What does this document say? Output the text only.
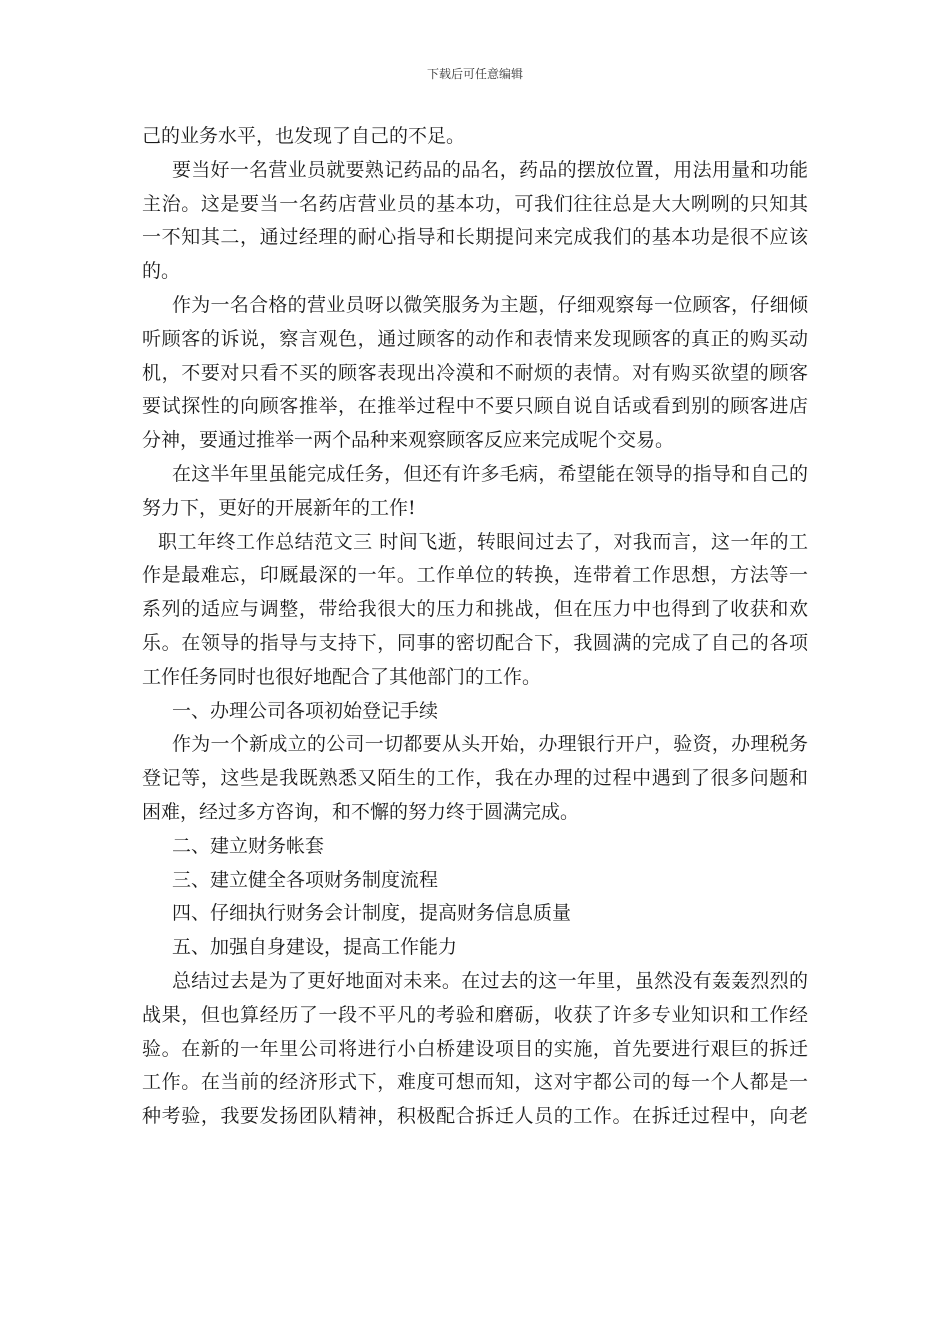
下载后可任意编辑
己的业务水平，也发现了自己的不足。
要当好一名营业员就要熟记药品的品名，药品的摆放位置，用法用量和功能
主治。这是要当一名药店营业员的基本功，可我们往往总是大大咧咧的只知其
一不知其二，通过经理的耐心指导和长期提问来完成我们的基本功是很不应该
的。
作为一名合格的营业员呀以微笑服务为主题，仔细观察每一位顾客，仔细倾
听顾客的诉说，察言观色，通过顾客的动作和表情来发现顾客的真正的购买动
机，不要对只看不买的顾客表现出冷漠和不耐烦的表情。对有购买欲望的顾客
要试探性的向顾客推举，在推举过程中不要只顾自说自话或看到别的顾客进店
分神，要通过推举一两个品种来观察顾客反应来完成呢个交易。
在这半年里虽能完成任务，但还有许多毛病，希望能在领导的指导和自己的
努力下，更好的开展新年的工作!
职工年终工作总结范文三 时间飞逝，转眼间过去了，对我而言，这一年的工
作是最难忘，印厩最深的一年。工作单位的转换，连带着工作思想，方法等一
系列的适应与调整，带给我很大的压力和挑战，但在压力中也得到了收获和欢
乐。在领导的指导与支持下，同事的密切配合下，我圆满的完成了自己的各项
工作任务同时也很好地配合了其他部门的工作。
一、办理公司各项初始登记手续
作为一个新成立的公司一切都要从头开始，办理银行开户，验资，办理税务
登记等，这些是我既熟悉又陌生的工作，我在办理的过程中遇到了很多问题和
困难，经过多方咨询，和不懈的努力终于圆满完成。
二、建立财务帐套
三、建立健全各项财务制度流程
四、仔细执行财务会计制度，提高财务信息质量
五、加强自身建设，提高工作能力
总结过去是为了更好地面对未来。在过去的这一年里，虽然没有轰轰烈烈的
战果，但也算经历了一段不平凡的考验和磨砺，收获了许多专业知识和工作经
验。在新的一年里公司将进行小白桥建设项目的实施，首先要进行艰巨的拆迁
工作。在当前的经济形式下，难度可想而知，这对宇都公司的每一个人都是一
种考验，我要发扬团队精神，积极配合拆迁人员的工作。在拆迁过程中，向老
